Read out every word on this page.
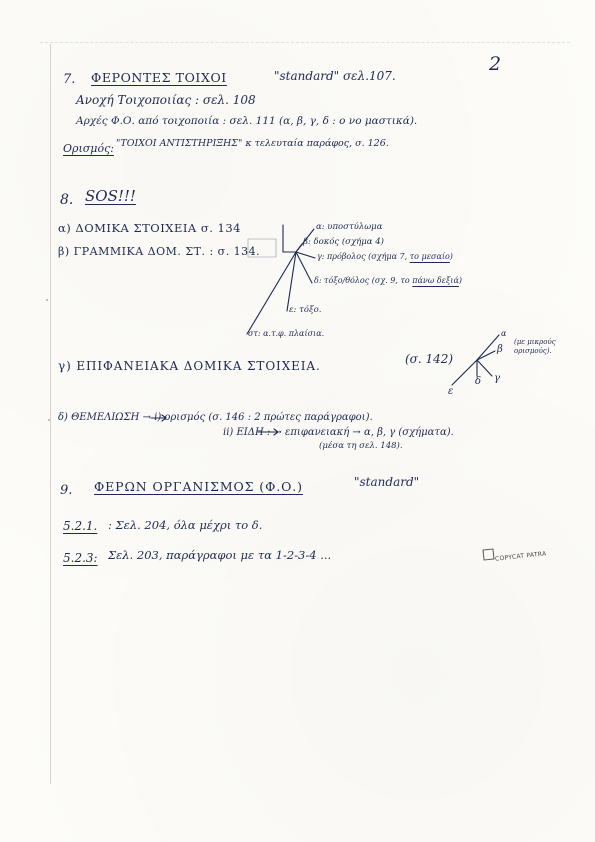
2
7. ΦΕΡΟΝΤΕΣ ΤΟΙΧΟΙ	"standard" σελ.107.
Ανοχή Τοιχοποιίας : σελ. 108
Αρχές Φ.Ο. από τοιχοποιία : σελ. 111 (α, β, γ, δ : ο νο μαστικά).
Ορισμός: "ΤΟΙΧΟΙ ΑΝΤΙΣΤΗΡΙΞΗΣ" κ τελευταία παράφος, σ. 126.
8. SOS!!!
α) ΔΟΜΙΚΑ ΣΤΟΙΧΕΙΑ σ. 134
β) ΓΡΑΜΜΙΚΑ ΔΟΜ. ΣΤ. : σ. 134.
α: υποστύλωμα
β: δοκός (σχήμα 4)
γ: πρόβολος (σχήμα 7, το μεσαίο)
δ: τόξο/θόλος (σχ. 9, το πάνω δεξιά)
ε: τόξο.
στ: α.τ.φ. πλαίσια.
γ) ΕΠΙΦΑΝΕΙΑΚΑ ΔΟΜΙΚΑ ΣΤΟΙΧΕΙΑ.	(σ. 142)
α
β
(με μικρούς ορισμούς).
γ
δ
ε
δ) ΘΕΜΕΛΙΩΣΗ → i) ορισμός (σ. 146 : 2 πρώτες παράγραφοι).
ii) ΕΙΔΗ : → επιφανειακή → α, β, γ (σχήματα).
(μέσα τη σελ. 148).
9. ΦΕΡΩΝ ΟΡΓΑΝΙΣΜΟΣ (Φ.Ο.)	"standard"
5.2.1. : Σελ. 204, όλα μέχρι το δ.
5.2.3: Σελ. 203, παράγραφοι με τα 1-2-3-4 ...	COPYCAT PATRA
